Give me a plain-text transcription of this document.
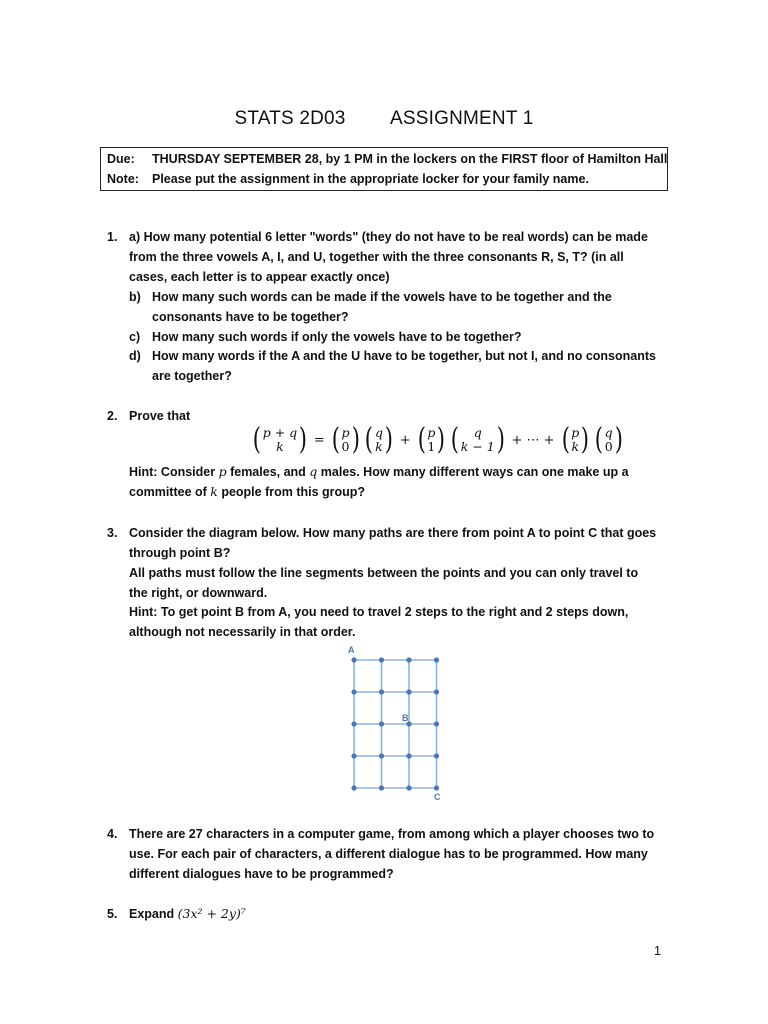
STATS 2D03 ASSIGNMENT 1
Due: THURSDAY SEPTEMBER 28, by 1 PM in the lockers on the FIRST floor of Hamilton Hall
Note: Please put the assignment in the appropriate locker for your family name.
1. a) How many potential 6 letter "words" (they do not have to be real words) can be made from the three vowels A, I, and U, together with the three consonants R, S, T? (in all cases, each letter is to appear exactly once)
b) How many such words can be made if the vowels have to be together and the consonants have to be together?
c) How many such words if only the vowels have to be together?
d) How many words if the A and the U have to be together, but not I, and no consonants are together?
2. Prove that
( p + q
k ) = ( p
0 ) ( q
k ) + ( p
1 ) ( q
k − 1 ) + ⋯ + ( p
k ) ( q
0 )
Hint: Consider p females, and q males. How many different ways can one make up a committee of k people from this group?
3. Consider the diagram below. How many paths are there from point A to point C that goes through point B?
All paths must follow the line segments between the points and you can only travel to the right, or downward.
Hint: To get point B from A, you need to travel 2 steps to the right and 2 steps down, although not necessarily in that order.
A
B
C
4. There are 27 characters in a computer game, from among which a player chooses two to use. For each pair of characters, a different dialogue has to be programmed. How many different dialogues have to be programmed?
5. Expand (3x² + 2y)⁷
1
